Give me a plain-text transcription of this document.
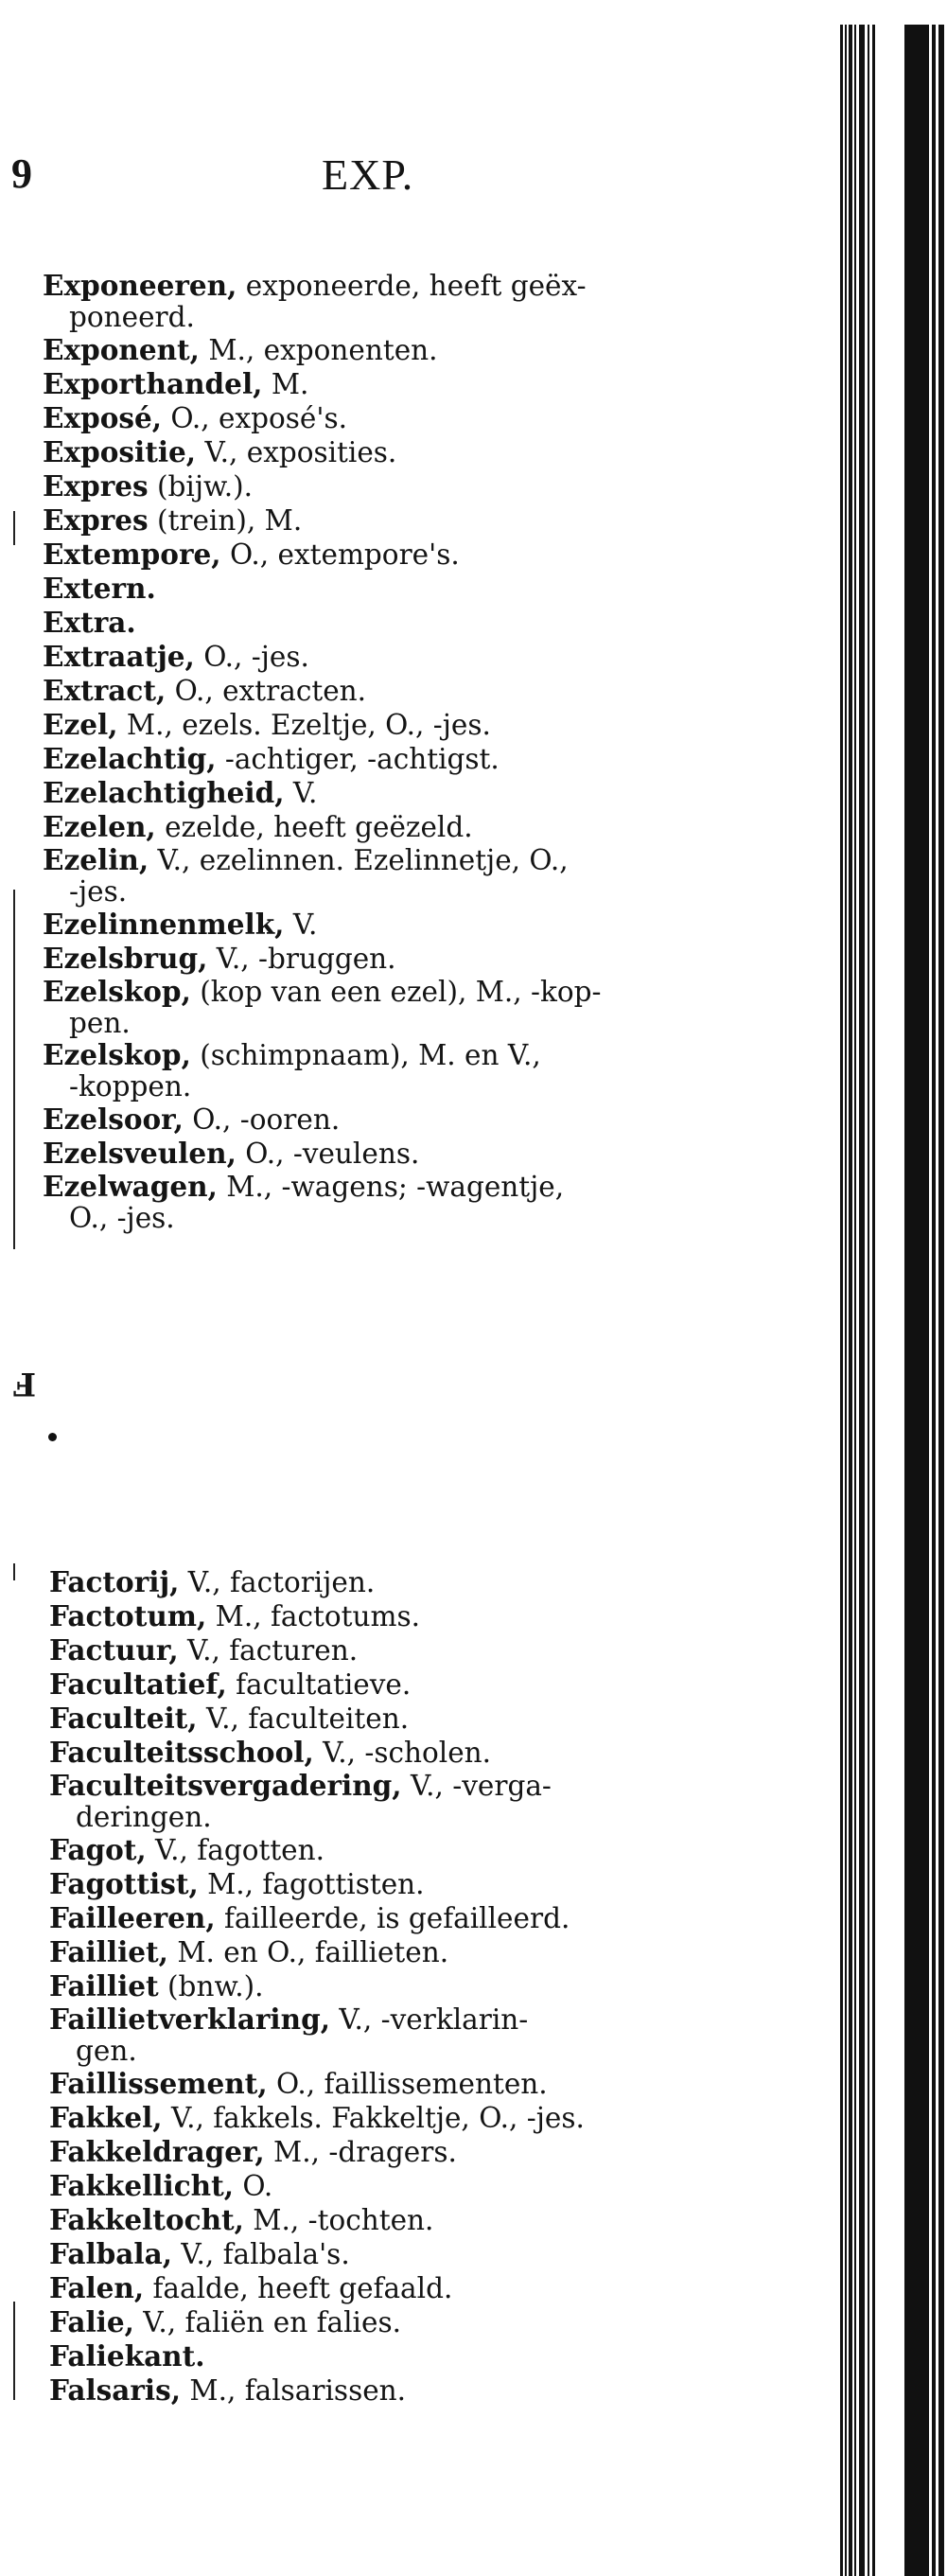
9	EXP.
Exponeeren, exponeerde, heeft geëx-
poneerd.
Exponent, M., exponenten.
Exporthandel, M.
Exposé, O., exposé's.
Expositie, V., exposities.
Expres (bijw.).
Expres (trein), M.
Extempore, O., extempore's.
Extern.
Extra.
Extraatje, O., -jes.
Extract, O., extracten.
Ezel, M., ezels. Ezeltje, O., -jes.
Ezelachtig, -achtiger, -achtigst.
Ezelachtigheid, V.
Ezelen, ezelde, heeft geëzeld.
Ezelin, V., ezelinnen. Ezelinnetje, O.,
-jes.
Ezelinnenmelk, V.
Ezelsbrug, V., -bruggen.
Ezelskop, (kop van een ezel), M., -kop-
pen.
Ezelskop, (schimpnaam), M. en V.,
-koppen.
Ezelsoor, O., -ooren.
Ezelsveulen, O., -veulens.
Ezelwagen, M., -wagens; -wagentje,
O., -jes.
F
Factorij, V., factorijen.
Factotum, M., factotums.
Factuur, V., facturen.
Facultatief, facultatieve.
Faculteit, V., faculteiten.
Faculteitsschool, V., -scholen.
Faculteitsvergadering, V., -verga-
deringen.
Fagot, V., fagotten.
Fagottist, M., fagottisten.
Failleeren, failleerde, is gefailleerd.
Failliet, M. en O., faillieten.
Failliet (bnw.).
Faillietverklaring, V., -verklarin-
gen.
Faillissement, O., faillissementen.
Fakkel, V., fakkels. Fakkeltje, O., -jes.
Fakkeldrager, M., -dragers.
Fakkellicht, O.
Fakkeltocht, M., -tochten.
Falbala, V., falbala's.
Falen, faalde, heeft gefaald.
Falie, V., faliën en falies.
Faliekant.
Falsaris, M., falsarissen.
